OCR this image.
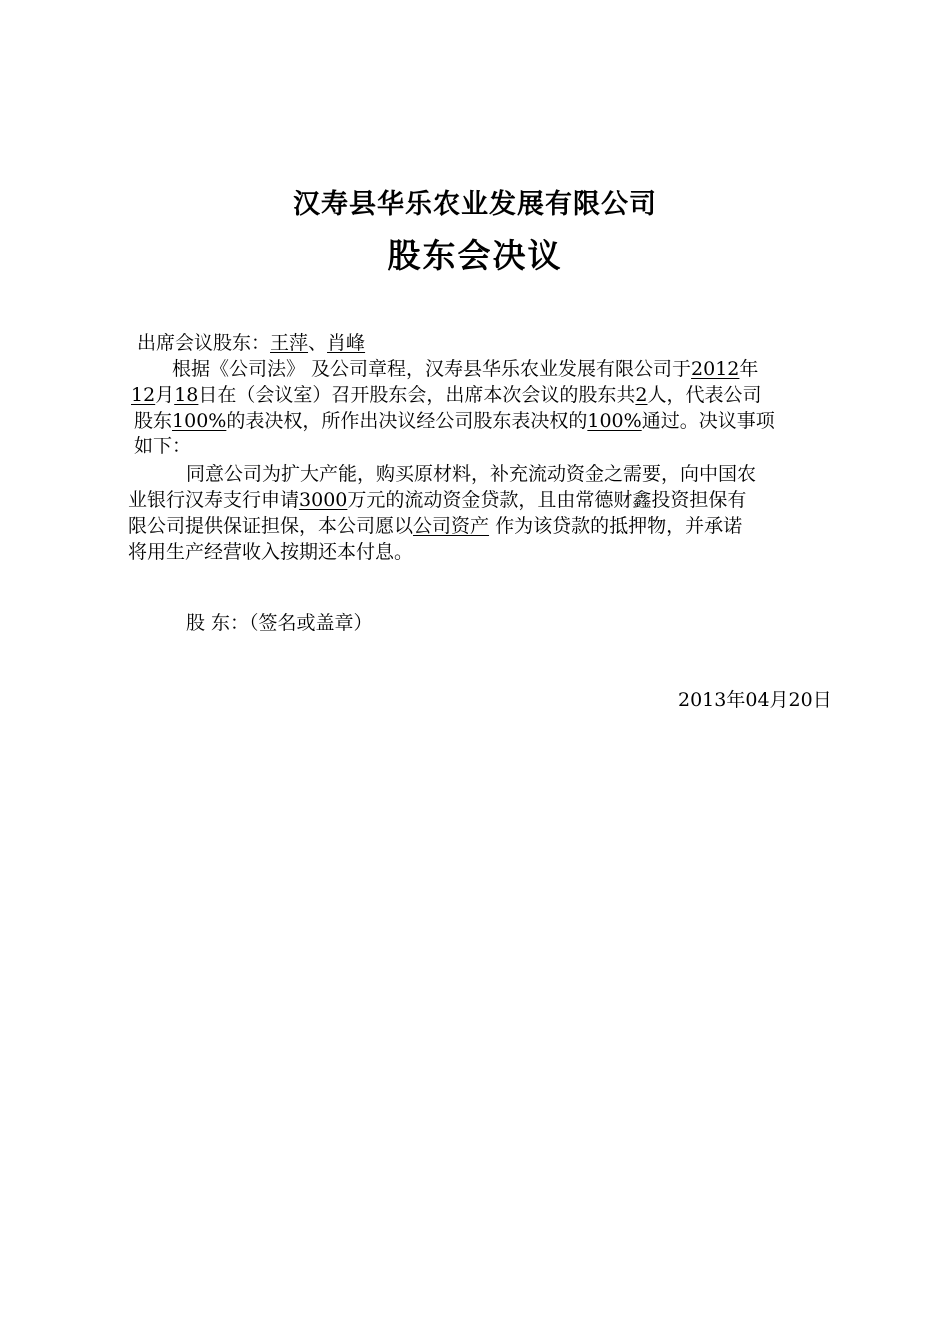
汉寿县华乐农业发展有限公司
股东会决议
出席会议股东：王萍、肖峰
根据《公司法》 及公司章程，汉寿县华乐农业发展有限公司于2012年
12月18日在（会议室）召开股东会，出席本次会议的股东共2人，代表公司
股东100%的表决权，所作出决议经公司股东表决权的100%通过。决议事项
如下：
同意公司为扩大产能，购买原材料，补充流动资金之需要，向中国农
业银行汉寿支行申请3000万元的流动资金贷款，且由常德财鑫投资担保有
限公司提供保证担保，本公司愿以公司资产 作为该贷款的抵押物，并承诺
将用生产经营收入按期还本付息。
股 东：（签名或盖章）
2013年04月20日
